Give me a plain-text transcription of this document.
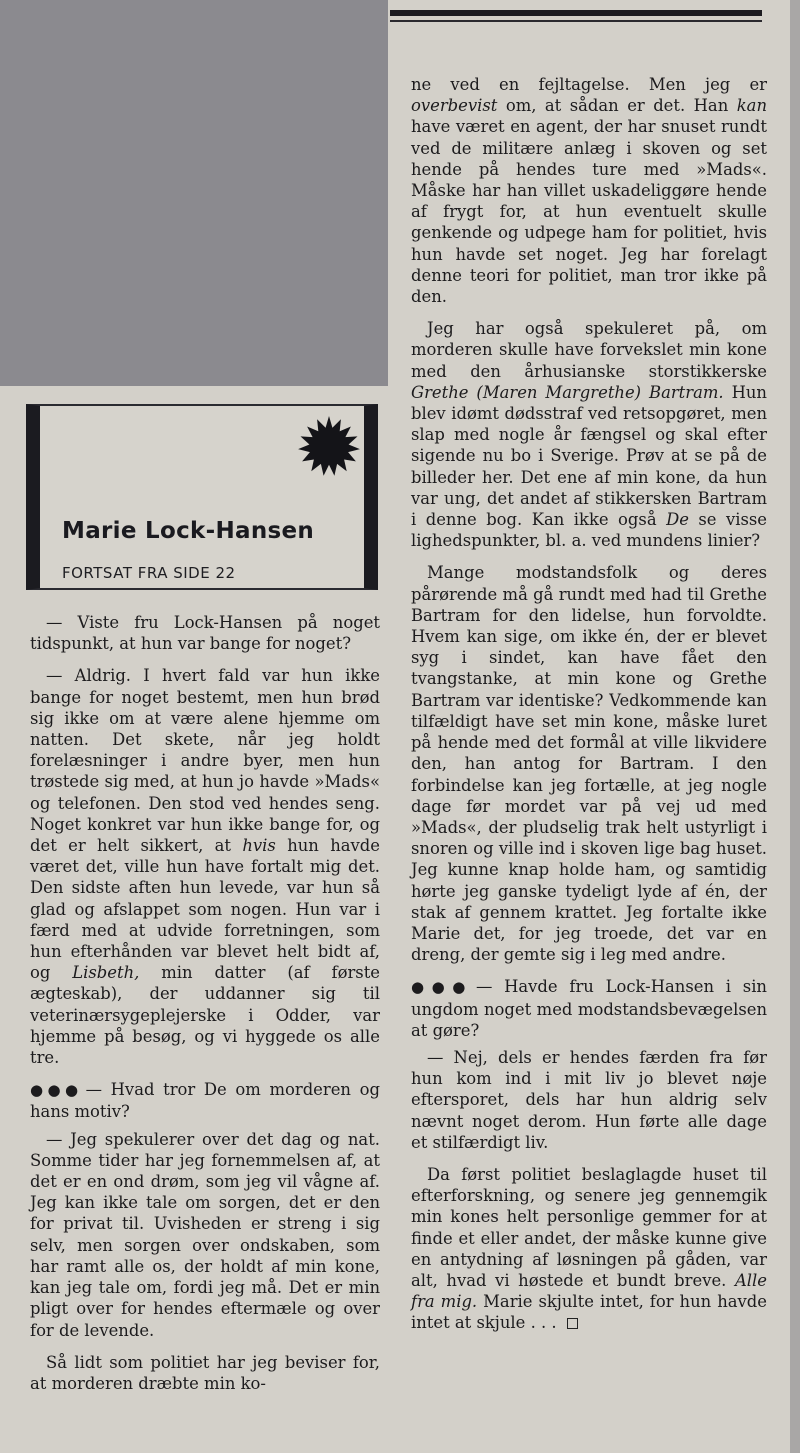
Marie Lock-Hansen
FORTSAT FRA SIDE 22

— Viste fru Lock-Hansen på noget tidspunkt, at hun var bange for noget?

— Aldrig. I hvert fald var hun ikke bange for noget bestemt, men hun brød sig ikke om at være alene hjemme om natten. Det skete, når jeg holdt forelæsninger i andre byer, men hun trøstede sig med, at hun jo havde »Mads« og telefonen. Den stod ved hendes seng. Noget konkret var hun ikke bange for, og det er helt sikkert, at hvis hun havde været det, ville hun have fortalt mig det. Den sidste aften hun levede, var hun så glad og afslappet som nogen. Hun var i færd med at udvide forretningen, som hun efterhånden var blevet helt bidt af, og Lisbeth, min datter (af første ægteskab), der uddanner sig til veterinærsygeplejerske i Odder, var hjemme på besøg, og vi hyggede os alle tre.

●●● — Hvad tror De om morderen og hans motiv?

— Jeg spekulerer over det dag og nat. Somme tider har jeg fornemmelsen af, at det er en ond drøm, som jeg vil vågne af. Jeg kan ikke tale om sorgen, det er den for privat til. Uvisheden er streng i sig selv, men sorgen over ondskaben, som har ramt alle os, der holdt af min kone, kan jeg tale om, fordi jeg må. Det er min pligt over for hendes eftermæle og over for de levende.

Så lidt som politiet har jeg beviser for, at morderen dræbte min ko-

ne ved en fejltagelse. Men jeg er overbevist om, at sådan er det. Han kan have været en agent, der har snuset rundt ved de militære anlæg i skoven og set hende på hendes ture med »Mads«. Måske har han villet uskadeliggøre hende af frygt for, at hun eventuelt skulle genkende og udpege ham for politiet, hvis hun havde set noget. Jeg har forelagt denne teori for politiet, man tror ikke på den.

Jeg har også spekuleret på, om morderen skulle have forvekslet min kone med den århusianske storstikkerske Grethe (Maren Margrethe) Bartram. Hun blev idømt dødsstraf ved retsopgøret, men slap med nogle år fængsel og skal efter sigende nu bo i Sverige. Prøv at se på de billeder her. Det ene af min kone, da hun var ung, det andet af stikkersken Bartram i denne bog. Kan ikke også De se visse lighedspunkter, bl. a. ved mundens linier?

Mange modstandsfolk og deres pårørende må gå rundt med had til Grethe Bartram for den lidelse, hun forvoldte. Hvem kan sige, om ikke én, der er blevet syg i sindet, kan have fået den tvangstanke, at min kone og Grethe Bartram var identiske? Vedkommende kan tilfældigt have set min kone, måske luret på hende med det formål at ville likvidere den, han antog for Bartram. I den forbindelse kan jeg fortælle, at jeg nogle dage før mordet var på vej ud med »Mads«, der pludselig trak helt ustyrligt i snoren og ville ind i skoven lige bag huset. Jeg kunne knap holde ham, og samtidig hørte jeg ganske tydeligt lyde af én, der stak af gennem krattet. Jeg fortalte ikke Marie det, for jeg troede, det var en dreng, der gemte sig i leg med andre.

●●● — Havde fru Lock-Hansen i sin ungdom noget med modstandsbevægelsen at gøre?

— Nej, dels er hendes færden fra før hun kom ind i mit liv jo blevet nøje eftersporet, dels har hun aldrig selv nævnt noget derom. Hun førte alle dage et stilfærdigt liv.

Da først politiet beslaglagde huset til efterforskning, og senere jeg gennemgik min kones helt personlige gemmer for at finde et eller andet, der måske kunne give en antydning af løsningen på gåden, var alt, hvad vi høstede et bundt breve. Alle fra mig. Marie skjulte intet, for hun havde intet at skjule . . .
